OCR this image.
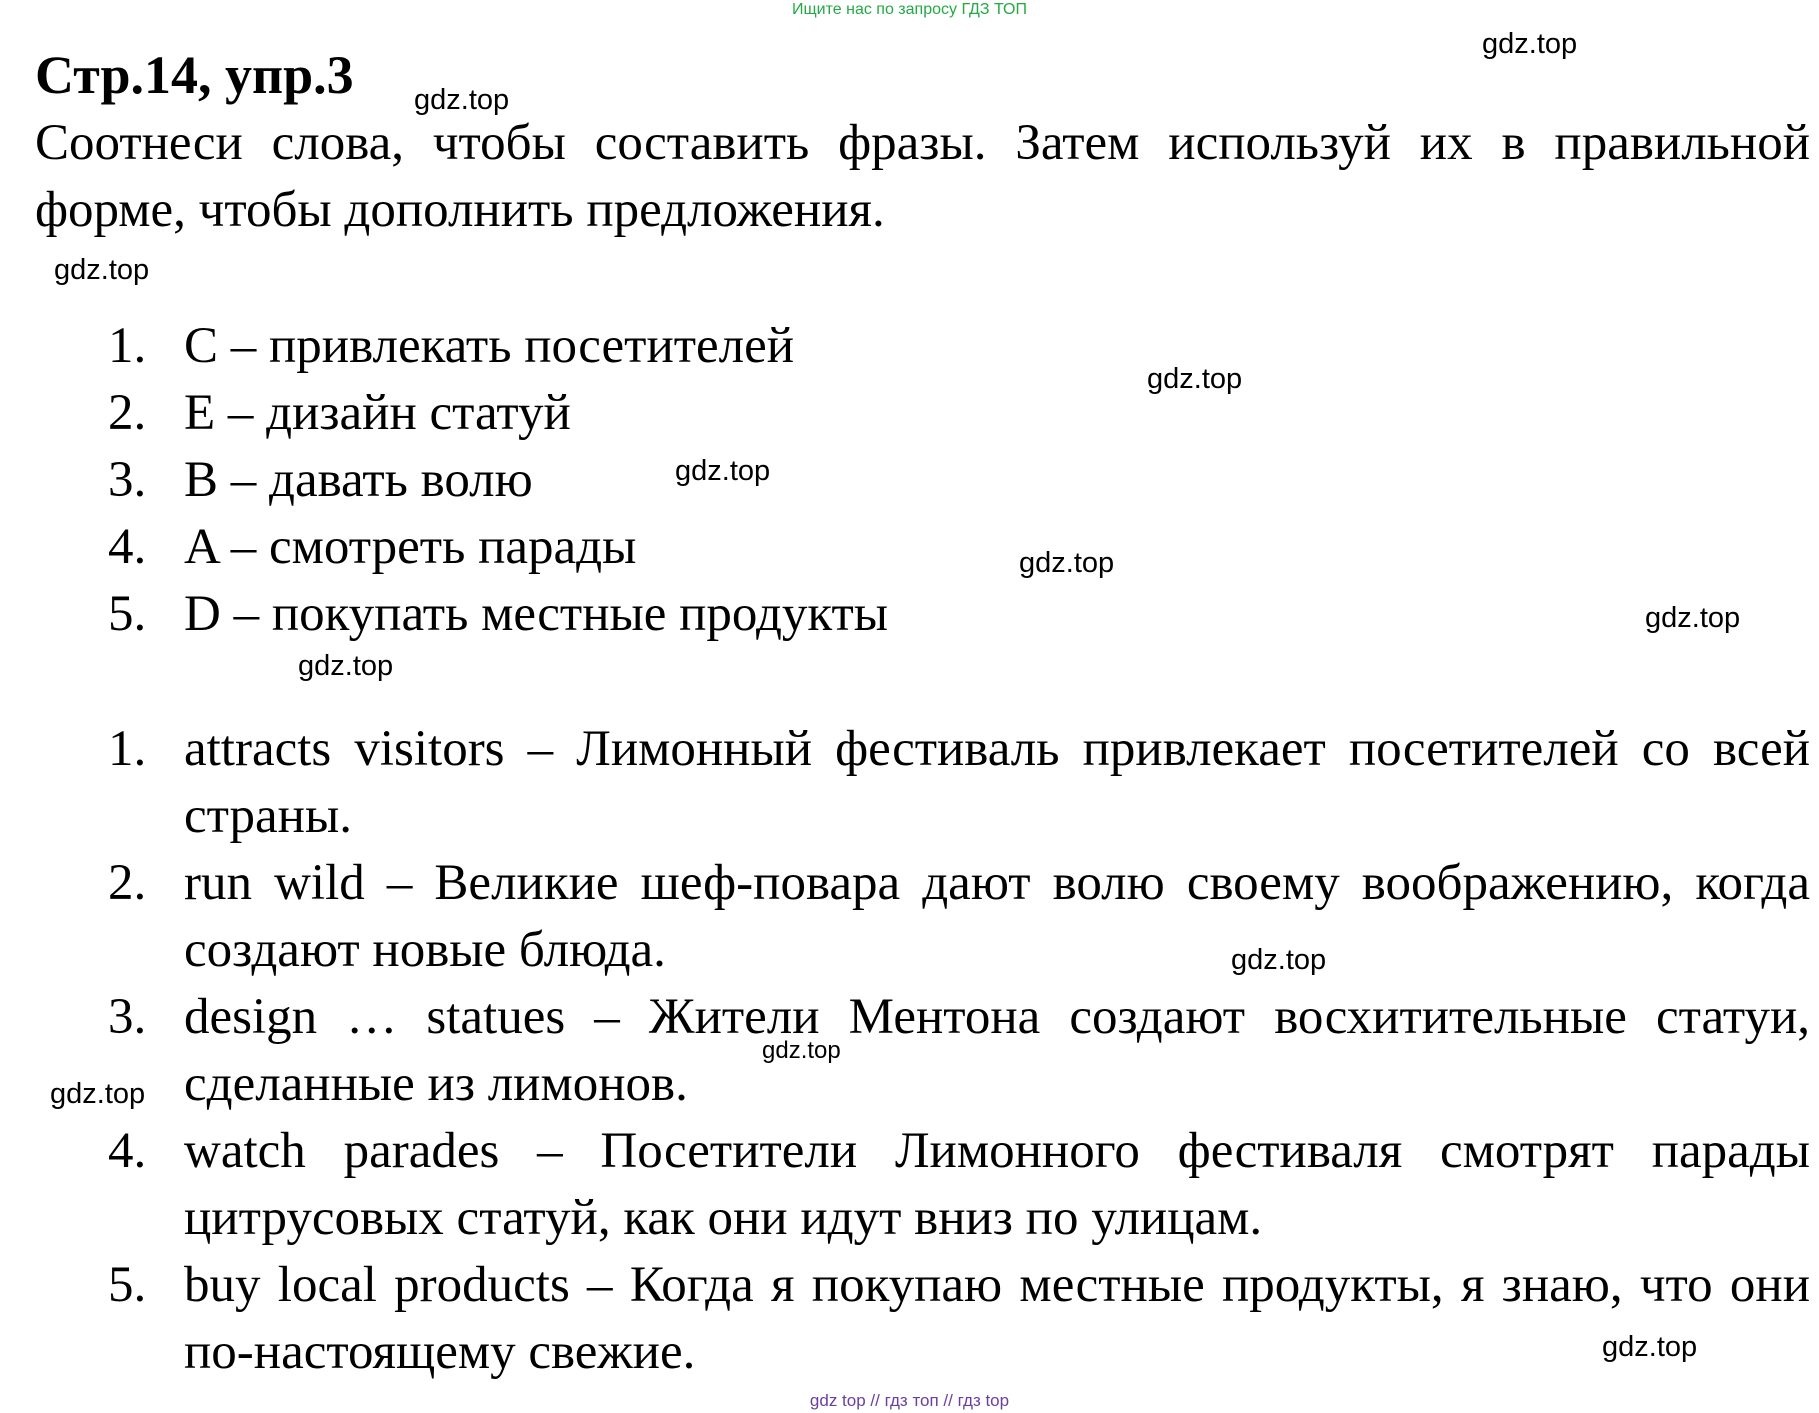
Ищите нас по запросу ГДЗ ТОП
Стр.14, упр.3
Соотнеси слова, чтобы составить фразы. Затем используй их в правильной форме, чтобы дополнить предложения.
1. C – привлекать посетителей
2. E – дизайн статуй
3. B – давать волю
4. A – смотреть парады
5. D – покупать местные продукты
1. attracts visitors – Лимонный фестиваль привлекает посетителей со всей страны.
2. run wild – Великие шеф-повара дают волю своему воображению, когда создают новые блюда.
3. design … statues – Жители Ментона создают восхитительные статуи, сделанные из лимонов.
4. watch parades – Посетители Лимонного фестиваля смотрят парады цитрусовых статуй, как они идут вниз по улицам.
5. buy local products – Когда я покупаю местные продукты, я знаю, что они по-настоящему свежие.
gdz.top
gdz.top
gdz.top
gdz.top
gdz.top
gdz.top
gdz.top
gdz.top
gdz.top
gdz.top
gdz.top
gdz.top
gdz top // гдз топ // гдз top
